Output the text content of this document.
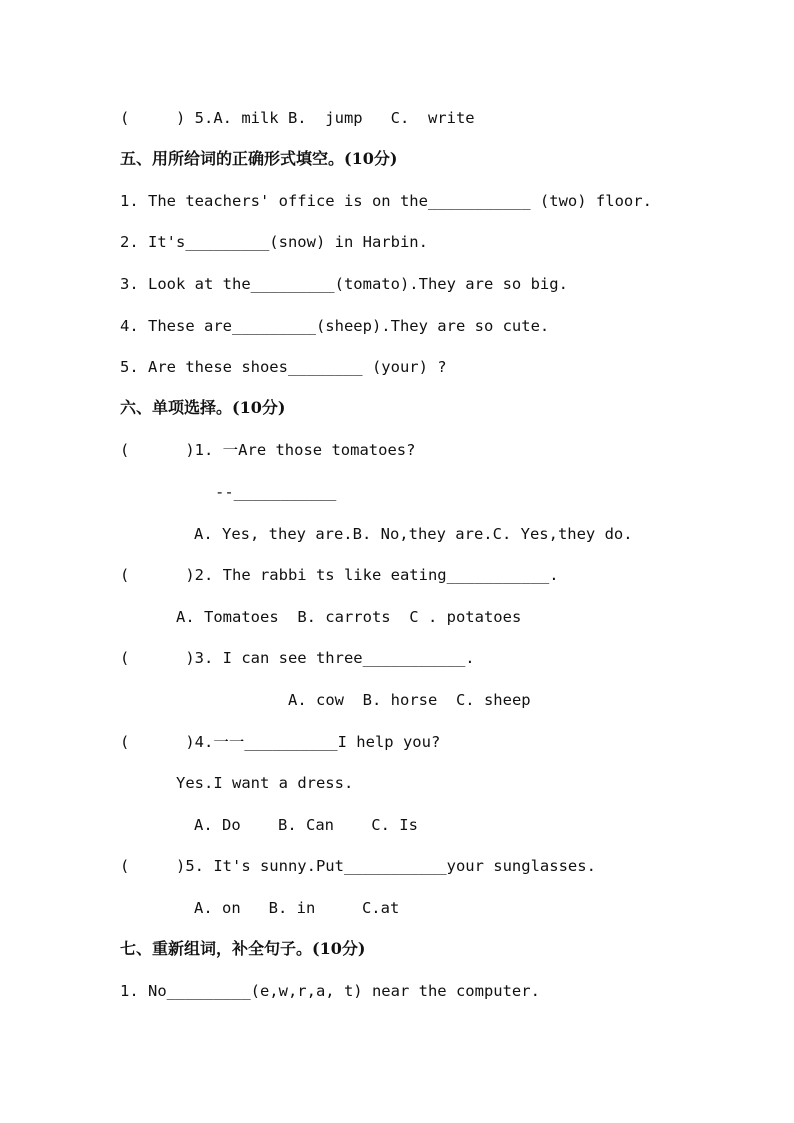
(     ) 5.A. milk B.  jump   C.  write
五、用所给词的正确形式填空。(10分)
1. The teachers' office is on the___________ (two) floor.
2. It's_________(snow) in Harbin.
3. Look at the_________(tomato).They are so big.
4. These are_________(sheep).They are so cute.
5. Are these shoes________ (your) ?
六、单项选择。(10分)
(      )1. 一Are those tomatoes?
--___________
A. Yes, they are.B. No,they are.C. Yes,they do.
(      )2. The rabbi ts like eating___________.
A. Tomatoes  B. carrots  C . potatoes
(      )3. I can see three___________.
A. cow  B. horse  C. sheep
(      )4.一一__________I help you?
Yes.I want a dress.
A. Do    B. Can    C. Is
(     )5. It's sunny.Put___________your sunglasses.
A. on   B. in     C.at
七、重新组词，补全句子。(10分)
1. No_________(e,w,r,a, t) near the computer.
